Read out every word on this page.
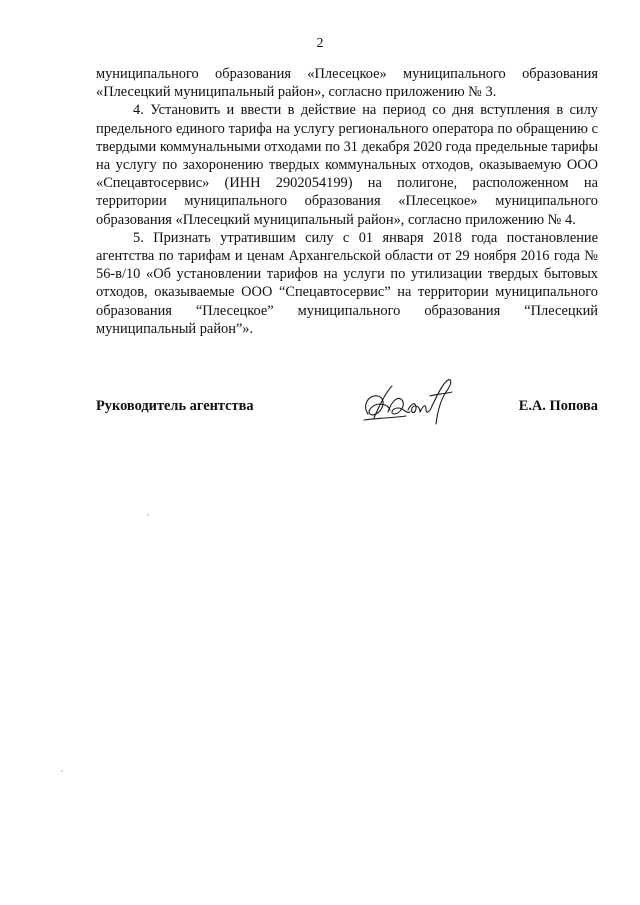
2

муниципального образования «Плесецкое» муниципального образования «Плесецкий муниципальный район», согласно приложению № 3.

4. Установить и ввести в действие на период со дня вступления в силу предельного единого тарифа на услугу регионального оператора по обращению с твердыми коммунальными отходами по 31 декабря 2020 года предельные тарифы на услугу по захоронению твердых коммунальных отходов, оказываемую ООО «Спецавтосервис» (ИНН 2902054199) на полигоне, расположенном на территории муниципального образования «Плесецкое» муниципального образования «Плесецкий муниципальный район», согласно приложению № 4.

5. Признать утратившим силу с 01 января 2018 года постановление агентства по тарифам и ценам Архангельской области от 29 ноября 2016 года № 56-в/10 «Об установлении тарифов на услуги по утилизации твердых бытовых отходов, оказываемые ООО “Спецавтосервис” на территории муниципального образования “Плесецкое” муниципального образования “Плесецкий муниципальный район”».

Руководитель агентства	Е.А. Попова
